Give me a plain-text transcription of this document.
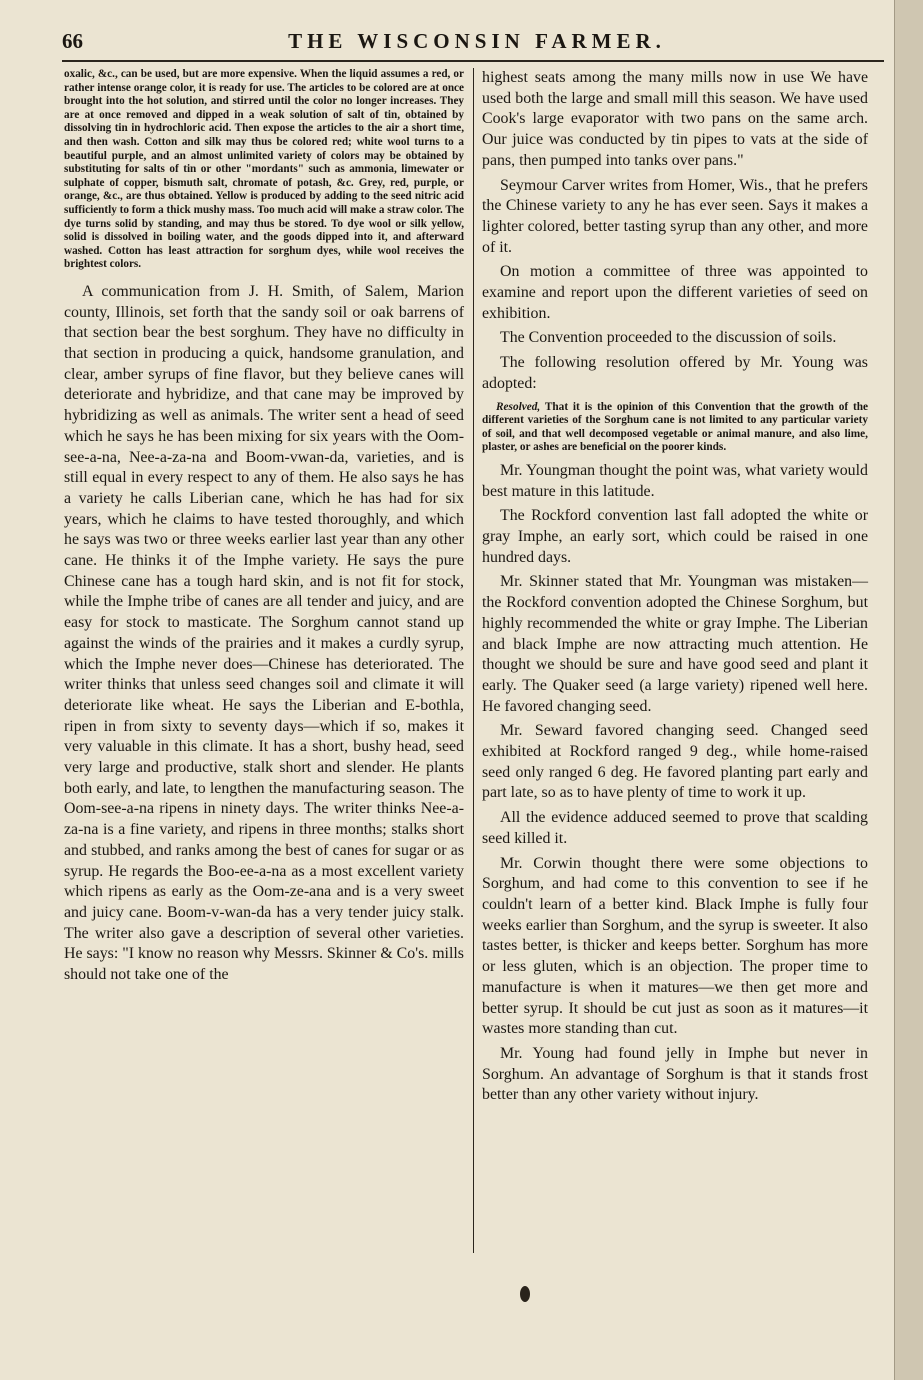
66	THE WISCONSIN FARMER.

oxalic, &c., can be used, but are more expensive. When the liquid assumes a red, or rather intense orange color, it is ready for use. The articles to be colored are at once brought into the hot solution, and stirred until the color no longer increases. They are at once removed and dipped in a weak solution of salt of tin, obtained by dissolving tin in hydrochloric acid. Then expose the articles to the air a short time, and then wash. Cotton and silk may thus be colored red; white wool turns to a beautiful purple, and an almost unlimited variety of colors may be obtained by substituting for salts of tin or other "mordants" such as ammonia, limewater or sulphate of copper, bismuth salt, chromate of potash, &c. Grey, red, purple, or orange, &c., are thus obtained. Yellow is produced by adding to the seed nitric acid sufficiently to form a thick mushy mass. Too much acid will make a straw color. The dye turns solid by standing, and may thus be stored. To dye wool or silk yellow, solid is dissolved in boiling water, and the goods dipped into it, and afterward washed. Cotton has least attraction for sorghum dyes, while wool receives the brightest colors.

A communication from J. H. Smith, of Salem, Marion county, Illinois, set forth that the sandy soil or oak barrens of that section bear the best sorghum. They have no difficulty in that section in producing a quick, handsome granulation, and clear, amber syrups of fine flavor, but they believe canes will deteriorate and hybridize, and that cane may be improved by hybridizing as well as animals. The writer sent a head of seed which he says he has been mixing for six years with the Oom-see-a-na, Nee-a-za-na and Boom-vwan-da, varieties, and is still equal in every respect to any of them. He also says he has a variety he calls Liberian cane, which he has had for six years, which he claims to have tested thoroughly, and which he says was two or three weeks earlier last year than any other cane. He thinks it of the Imphe variety. He says the pure Chinese cane has a tough hard skin, and is not fit for stock, while the Imphe tribe of canes are all tender and juicy, and are easy for stock to masticate. The Sorghum cannot stand up against the winds of the prairies and it makes a curdly syrup, which the Imphe never does—Chinese has deteriorated. The writer thinks that unless seed changes soil and climate it will deteriorate like wheat. He says the Liberian and E-bothla, ripen in from sixty to seventy days—which if so, makes it very valuable in this climate. It has a short, bushy head, seed very large and productive, stalk short and slender. He plants both early, and late, to lengthen the manufacturing season. The Oom-see-a-na ripens in ninety days. The writer thinks Nee-a-za-na is a fine variety, and ripens in three months; stalks short and stubbed, and ranks among the best of canes for sugar or as syrup. He regards the Boo-ee-a-na as a most excellent variety which ripens as early as the Oom-ze-ana and is a very sweet and juicy cane. Boom-v-wan-da has a very tender juicy stalk. The writer also gave a description of several other varieties. He says: "I know no reason why Messrs. Skinner & Co's. mills should not take one of the

highest seats among the many mills now in use We have used both the large and small mill this season. We have used Cook's large evaporator with two pans on the same arch. Our juice was conducted by tin pipes to vats at the side of pans, then pumped into tanks over pans."

Seymour Carver writes from Homer, Wis., that he prefers the Chinese variety to any he has ever seen. Says it makes a lighter colored, better tasting syrup than any other, and more of it.

On motion a committee of three was appointed to examine and report upon the different varieties of seed on exhibition.

The Convention proceeded to the discussion of soils.

The following resolution offered by Mr. Young was adopted:

Resolved, That it is the opinion of this Convention that the growth of the different varieties of the Sorghum cane is not limited to any particular variety of soil, and that well decomposed vegetable or animal manure, and also lime, plaster, or ashes are beneficial on the poorer kinds.

Mr. Youngman thought the point was, what variety would best mature in this latitude.

The Rockford convention last fall adopted the white or gray Imphe, an early sort, which could be raised in one hundred days.

Mr. Skinner stated that Mr. Youngman was mistaken—the Rockford convention adopted the Chinese Sorghum, but highly recommended the white or gray Imphe. The Liberian and black Imphe are now attracting much attention. He thought we should be sure and have good seed and plant it early. The Quaker seed (a large variety) ripened well here. He favored changing seed.

Mr. Seward favored changing seed. Changed seed exhibited at Rockford ranged 9 deg., while home-raised seed only ranged 6 deg. He favored planting part early and part late, so as to have plenty of time to work it up.

All the evidence adduced seemed to prove that scalding seed killed it.

Mr. Corwin thought there were some objections to Sorghum, and had come to this convention to see if he couldn't learn of a better kind. Black Imphe is fully four weeks earlier than Sorghum, and the syrup is sweeter. It also tastes better, is thicker and keeps better. Sorghum has more or less gluten, which is an objection. The proper time to manufacture is when it matures—we then get more and better syrup. It should be cut just as soon as it matures—it wastes more standing than cut.

Mr. Young had found jelly in Imphe but never in Sorghum. An advantage of Sorghum is that it stands frost better than any other variety without injury.
